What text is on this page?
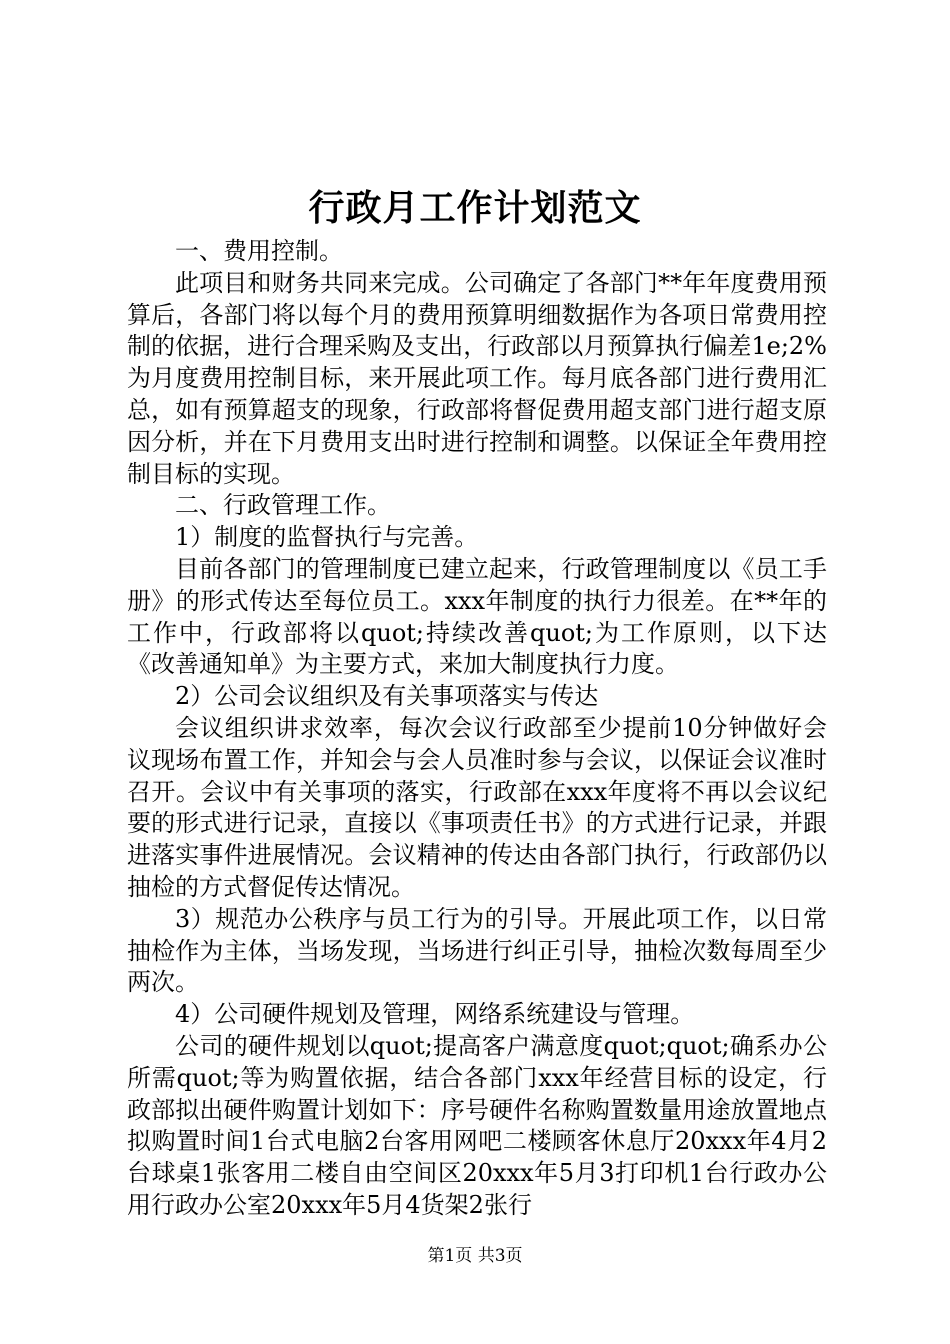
行政月工作计划范文

一、费用控制。

此项目和财务共同来完成。公司确定了各部门**年年度费用预算后，各部门将以每个月的费用预算明细数据作为各项日常费用控制的依据，进行合理采购及支出，行政部以月预算执行偏差1e;2%为月度费用控制目标，来开展此项工作。每月底各部门进行费用汇总，如有预算超支的现象，行政部将督促费用超支部门进行超支原因分析，并在下月费用支出时进行控制和调整。以保证全年费用控制目标的实现。

二、行政管理工作。

1）制度的监督执行与完善。

目前各部门的管理制度已建立起来，行政管理制度以《员工手册》的形式传达至每位员工。xxx年制度的执行力很差。在**年的工作中，行政部将以quot;持续改善quot;为工作原则，以下达《改善通知单》为主要方式，来加大制度执行力度。

2）公司会议组织及有关事项落实与传达

会议组织讲求效率，每次会议行政部至少提前10分钟做好会议现场布置工作，并知会与会人员准时参与会议，以保证会议准时召开。会议中有关事项的落实，行政部在xxx年度将不再以会议纪要的形式进行记录，直接以《事项责任书》的方式进行记录，并跟进落实事件进展情况。会议精神的传达由各部门执行，行政部仍以抽检的方式督促传达情况。

3）规范办公秩序与员工行为的引导。开展此项工作，以日常抽检作为主体，当场发现，当场进行纠正引导，抽检次数每周至少两次。

4）公司硬件规划及管理，网络系统建设与管理。

公司的硬件规划以quot;提高客户满意度quot;quot;确系办公所需quot;等为购置依据，结合各部门xxx年经营目标的设定，行政部拟出硬件购置计划如下：序号硬件名称购置数量用途放置地点拟购置时间1台式电脑2台客用网吧二楼顾客休息厅20xxx年4月2台球桌1张客用二楼自由空间区20xxx年5月3打印机1台行政办公用行政办公室20xxx年5月4货架2张行

第1页 共3页
